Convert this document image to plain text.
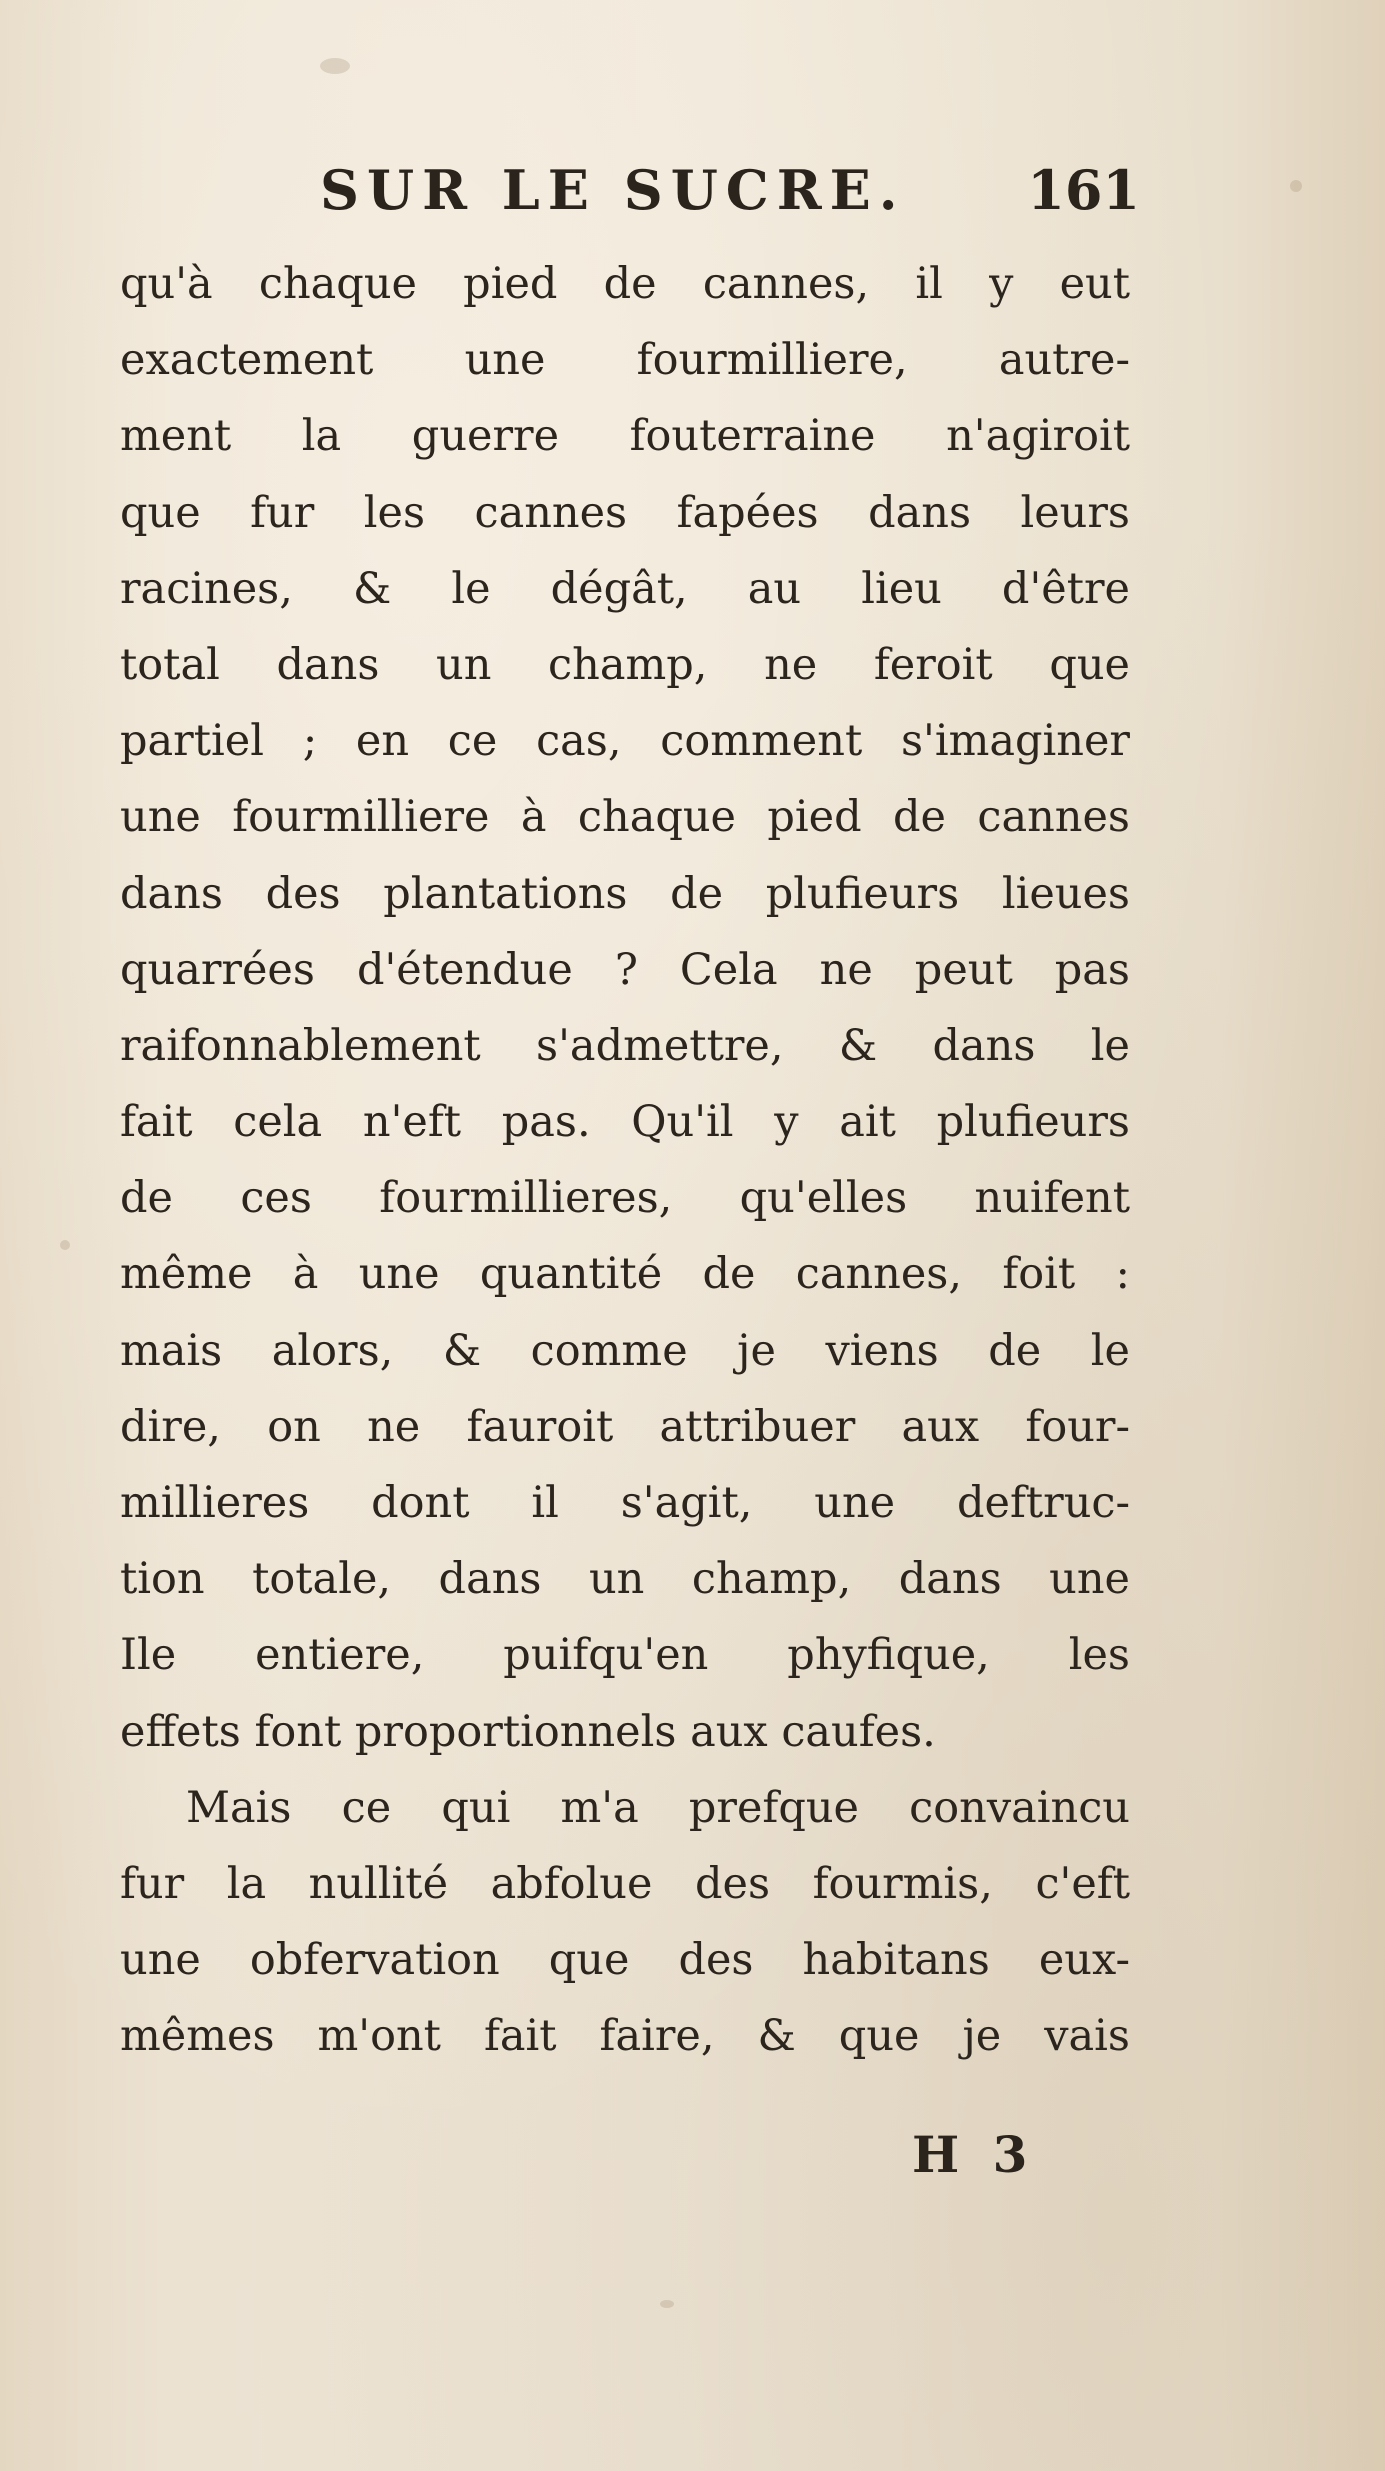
SUR LE SUCRE. 161
qu'à chaque pied de cannes, il y eut
exactement une fourmilliere, autre-
ment la guerre fouterraine n'agiroit
que fur les cannes fapées dans leurs
racines, & le dégât, au lieu d'être
total dans un champ, ne feroit que
partiel ; en ce cas, comment s'imaginer
une fourmilliere à chaque pied de cannes
dans des plantations de plufieurs lieues
quarrées d'étendue ? Cela ne peut pas
raifonnablement s'admettre, & dans le
fait cela n'eft pas. Qu'il y ait plufieurs
de ces fourmillieres, qu'elles nuifent
même à une quantité de cannes, foit :
mais alors, & comme je viens de le
dire, on ne fauroit attribuer aux four-
millieres dont il s'agit, une deftruc-
tion totale, dans un champ, dans une
Ile entiere, puifqu'en phyfique, les
effets font proportionnels aux caufes.
Mais ce qui m'a prefque convaincu
fur la nullité abfolue des fourmis, c'eft
une obfervation que des habitans eux-
mêmes m'ont fait faire, & que je vais
H 3
